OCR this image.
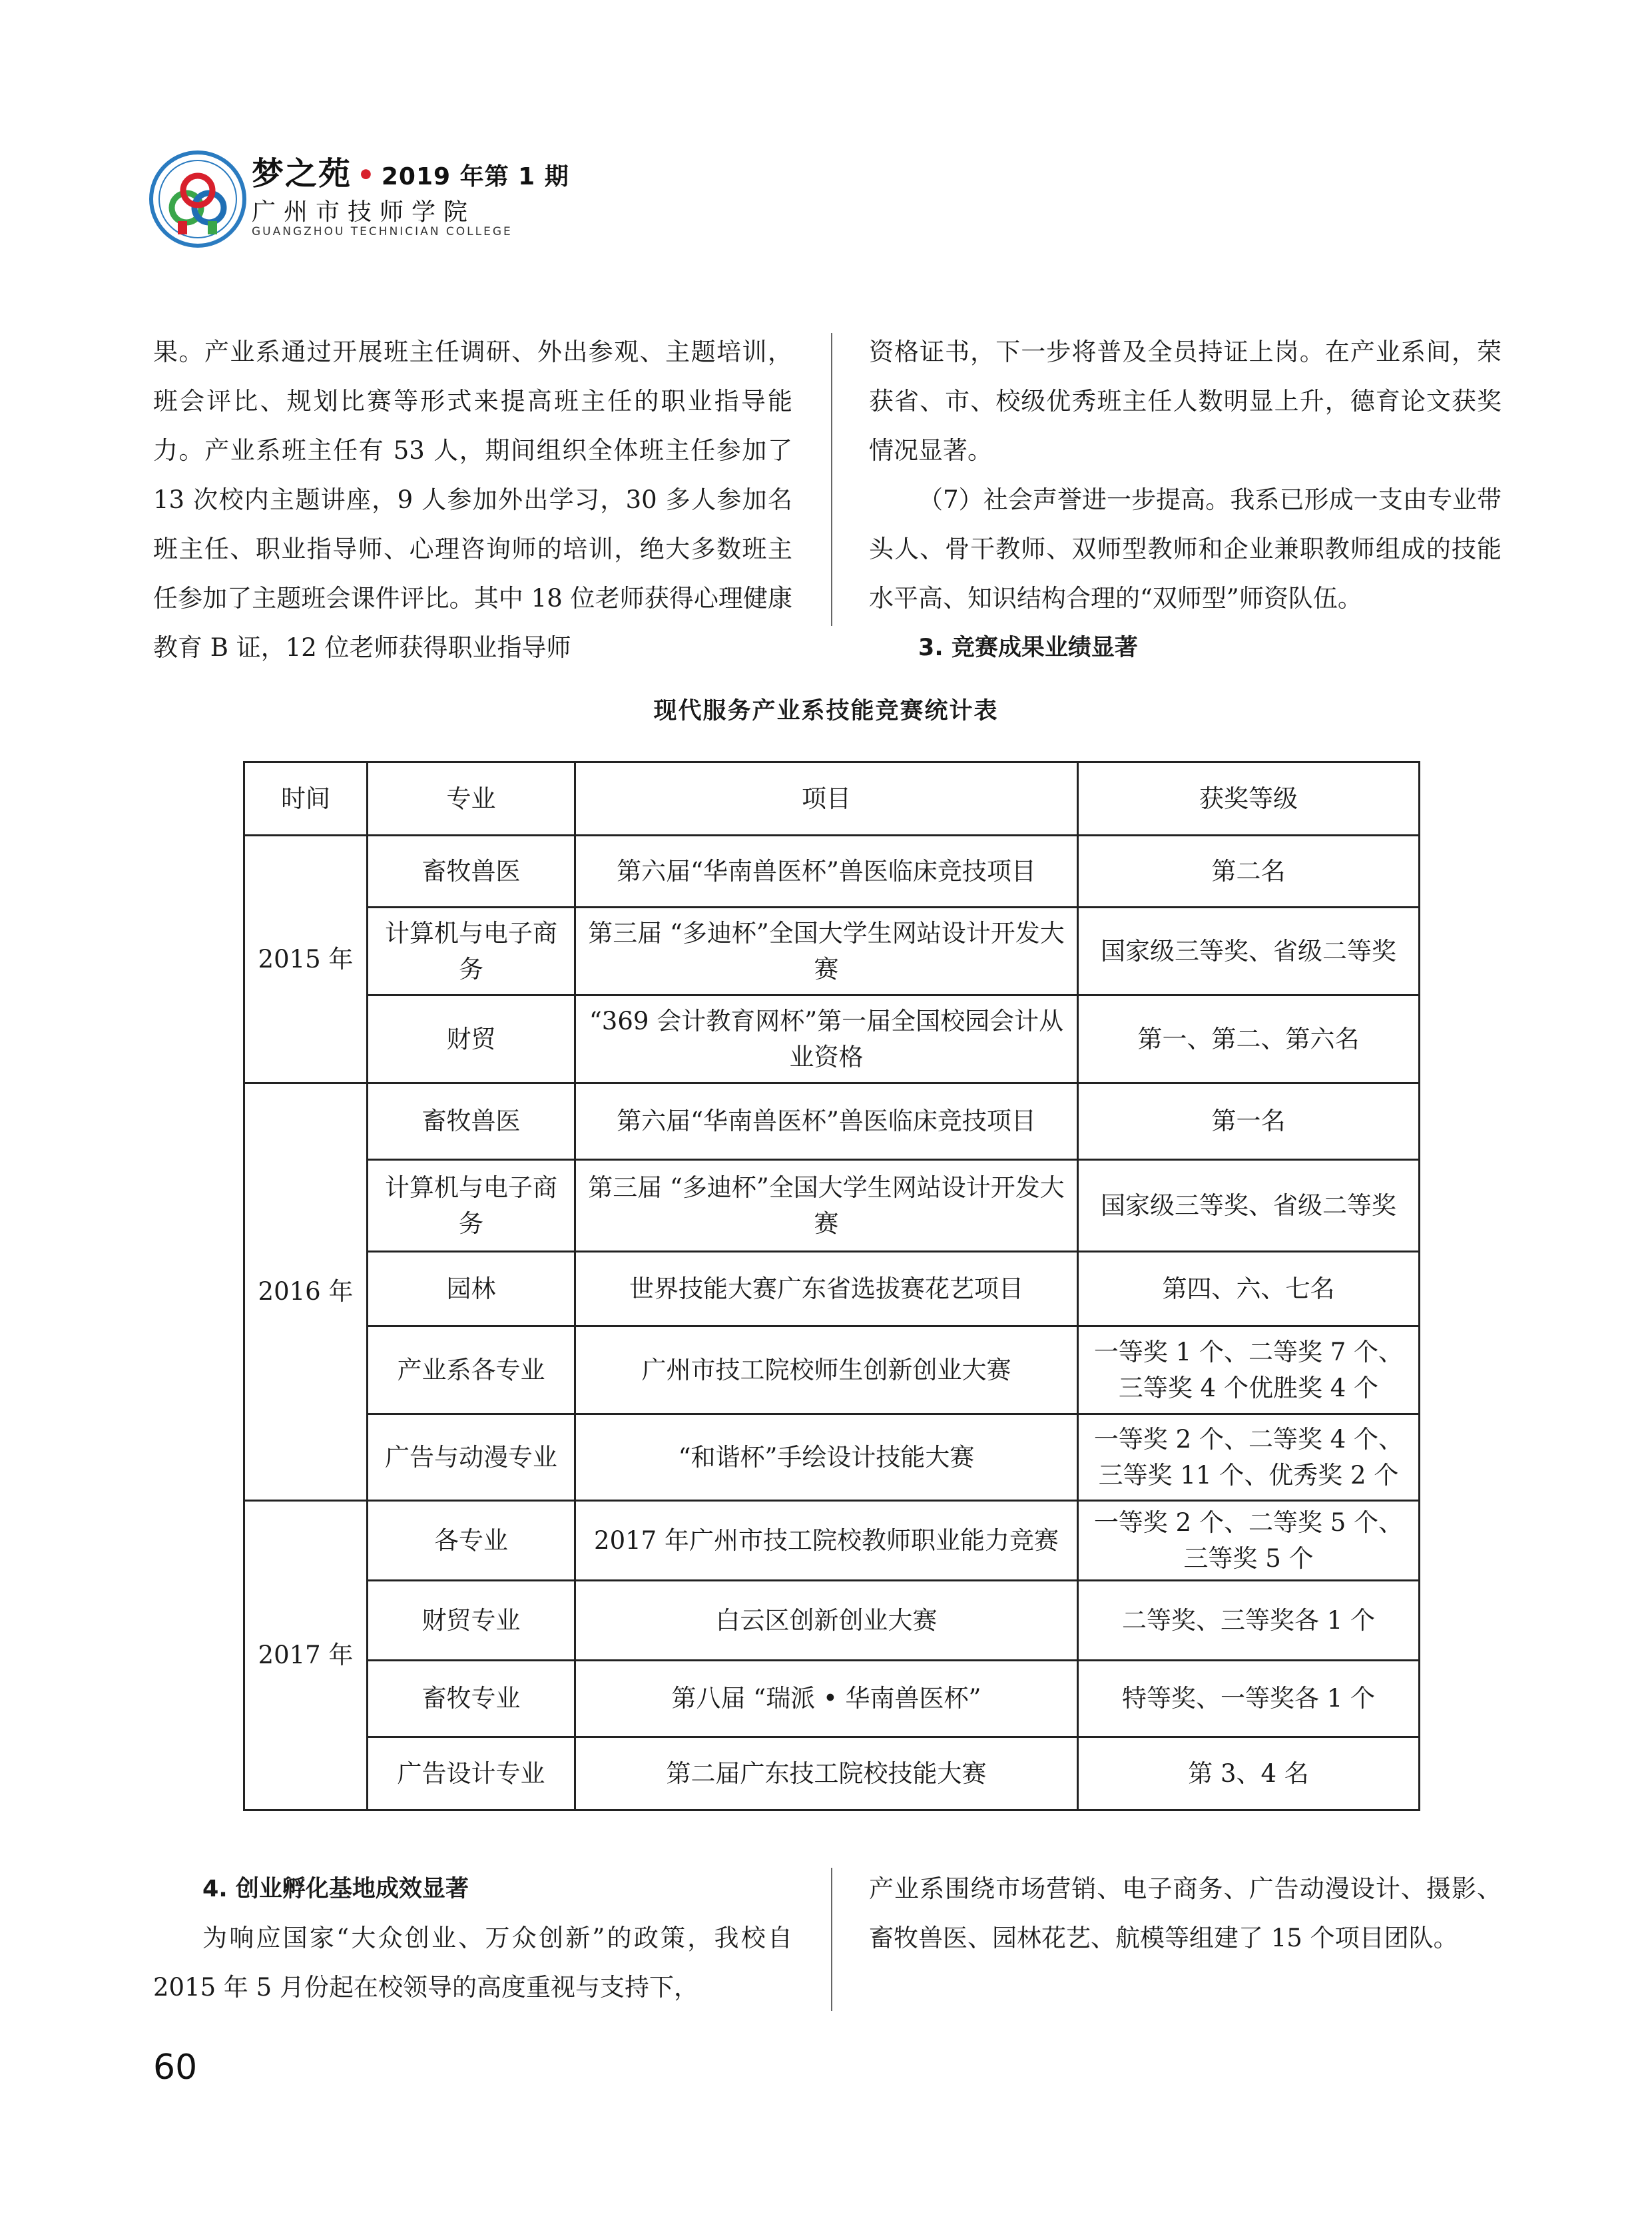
梦之苑 • 2019 年第 1 期
广州市技师学院
GUANGZHOU TECHNICIAN COLLEGE

果。产业系通过开展班主任调研、外出参观、主题培训，班会评比、规划比赛等形式来提高班主任的职业指导能力。产业系班主任有 53 人，期间组织全体班主任参加了 13 次校内主题讲座，9 人参加外出学习，30 多人参加名班主任、职业指导师、心理咨询师的培训，绝大多数班主任参加了主题班会课件评比。其中 18 位老师获得心理健康教育 B 证，12 位老师获得职业指导师

资格证书，下一步将普及全员持证上岗。在产业系间，荣获省、市、校级优秀班主任人数明显上升，德育论文获奖情况显著。

（7）社会声誉进一步提高。我系已形成一支由专业带头人、骨干教师、双师型教师和企业兼职教师组成的技能水平高、知识结构合理的“双师型”师资队伍。

3. 竞赛成果业绩显著

现代服务产业系技能竞赛统计表
时间	专业	项目	获奖等级
2015 年	畜牧兽医	第六届“华南兽医杯”兽医临床竞技项目	第二名
	计算机与电子商务	第三届 “多迪杯”全国大学生网站设计开发大赛	国家级三等奖、省级二等奖
	财贸	“369 会计教育网杯”第一届全国校园会计从业资格	第一、第二、第六名
2016 年	畜牧兽医	第六届“华南兽医杯”兽医临床竞技项目	第一名
	计算机与电子商务	第三届 “多迪杯”全国大学生网站设计开发大赛	国家级三等奖、省级二等奖
	园林	世界技能大赛广东省选拔赛花艺项目	第四、六、七名
	产业系各专业	广州市技工院校师生创新创业大赛	一等奖 1 个、二等奖 7 个、三等奖 4 个优胜奖 4 个
	广告与动漫专业	“和谐杯”手绘设计技能大赛	一等奖 2 个、二等奖 4 个、三等奖 11 个、优秀奖 2 个
2017 年	各专业	2017 年广州市技工院校教师职业能力竞赛	一等奖 2 个、二等奖 5 个、三等奖 5 个
	财贸专业	白云区创新创业大赛	二等奖、三等奖各 1 个
	畜牧专业	第八届 “瑞派 • 华南兽医杯”	特等奖、一等奖各 1 个
	广告设计专业	第二届广东技工院校技能大赛	第 3、4 名

4. 创业孵化基地成效显著

为响应国家“大众创业、万众创新”的政策，我校自 2015 年 5 月份起在校领导的高度重视与支持下，

产业系围绕市场营销、电子商务、广告动漫设计、摄影、畜牧兽医、园林花艺、航模等组建了 15 个项目团队。

60
